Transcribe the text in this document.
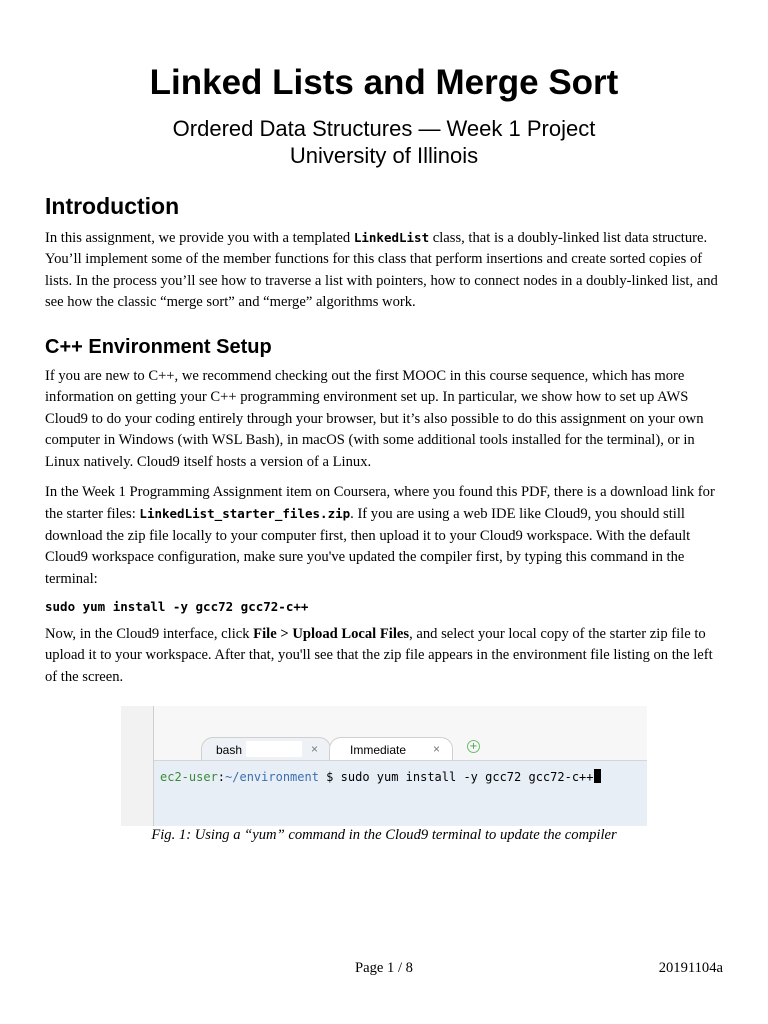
Linked Lists and Merge Sort
Ordered Data Structures — Week 1 Project
University of Illinois
Introduction

In this assignment, we provide you with a templated LinkedList class, that is a doubly-linked list data structure. You’ll implement some of the member functions for this class that perform insertions and create sorted copies of lists. In the process you’ll see how to traverse a list with pointers, how to connect nodes in a doubly-linked list, and see how the classic “merge sort” and “merge” algorithms work.

C++ Environment Setup

If you are new to C++, we recommend checking out the first MOOC in this course sequence, which has more information on getting your C++ programming environment set up. In particular, we show how to set up AWS Cloud9 to do your coding entirely through your browser, but it’s also possible to do this assignment on your own computer in Windows (with WSL Bash), in macOS (with some additional tools installed for the terminal), or in Linux natively. Cloud9 itself hosts a version of a Linux.

In the Week 1 Programming Assignment item on Coursera, where you found this PDF, there is a download link for the starter files: LinkedList_starter_files.zip. If you are using a web IDE like Cloud9, you should still download the zip file locally to your computer first, then upload it to your Cloud9 workspace. With the default Cloud9 workspace configuration, make sure you've updated the compiler first, by typing this command in the terminal:

sudo yum install -y gcc72 gcc72-c++

Now, in the Cloud9 interface, click File > Upload Local Files, and select your local copy of the starter zip file to upload it to your workspace. After that, you'll see that the zip file appears in the environment file listing on the left of the screen.

bash	×	Immediate ×	+
ec2-user:~/environment $ sudo yum install -y gcc72 gcc72-c++
Fig. 1: Using a “yum” command in the Cloud9 terminal to update the compiler
Page 1 / 8	20191104a
